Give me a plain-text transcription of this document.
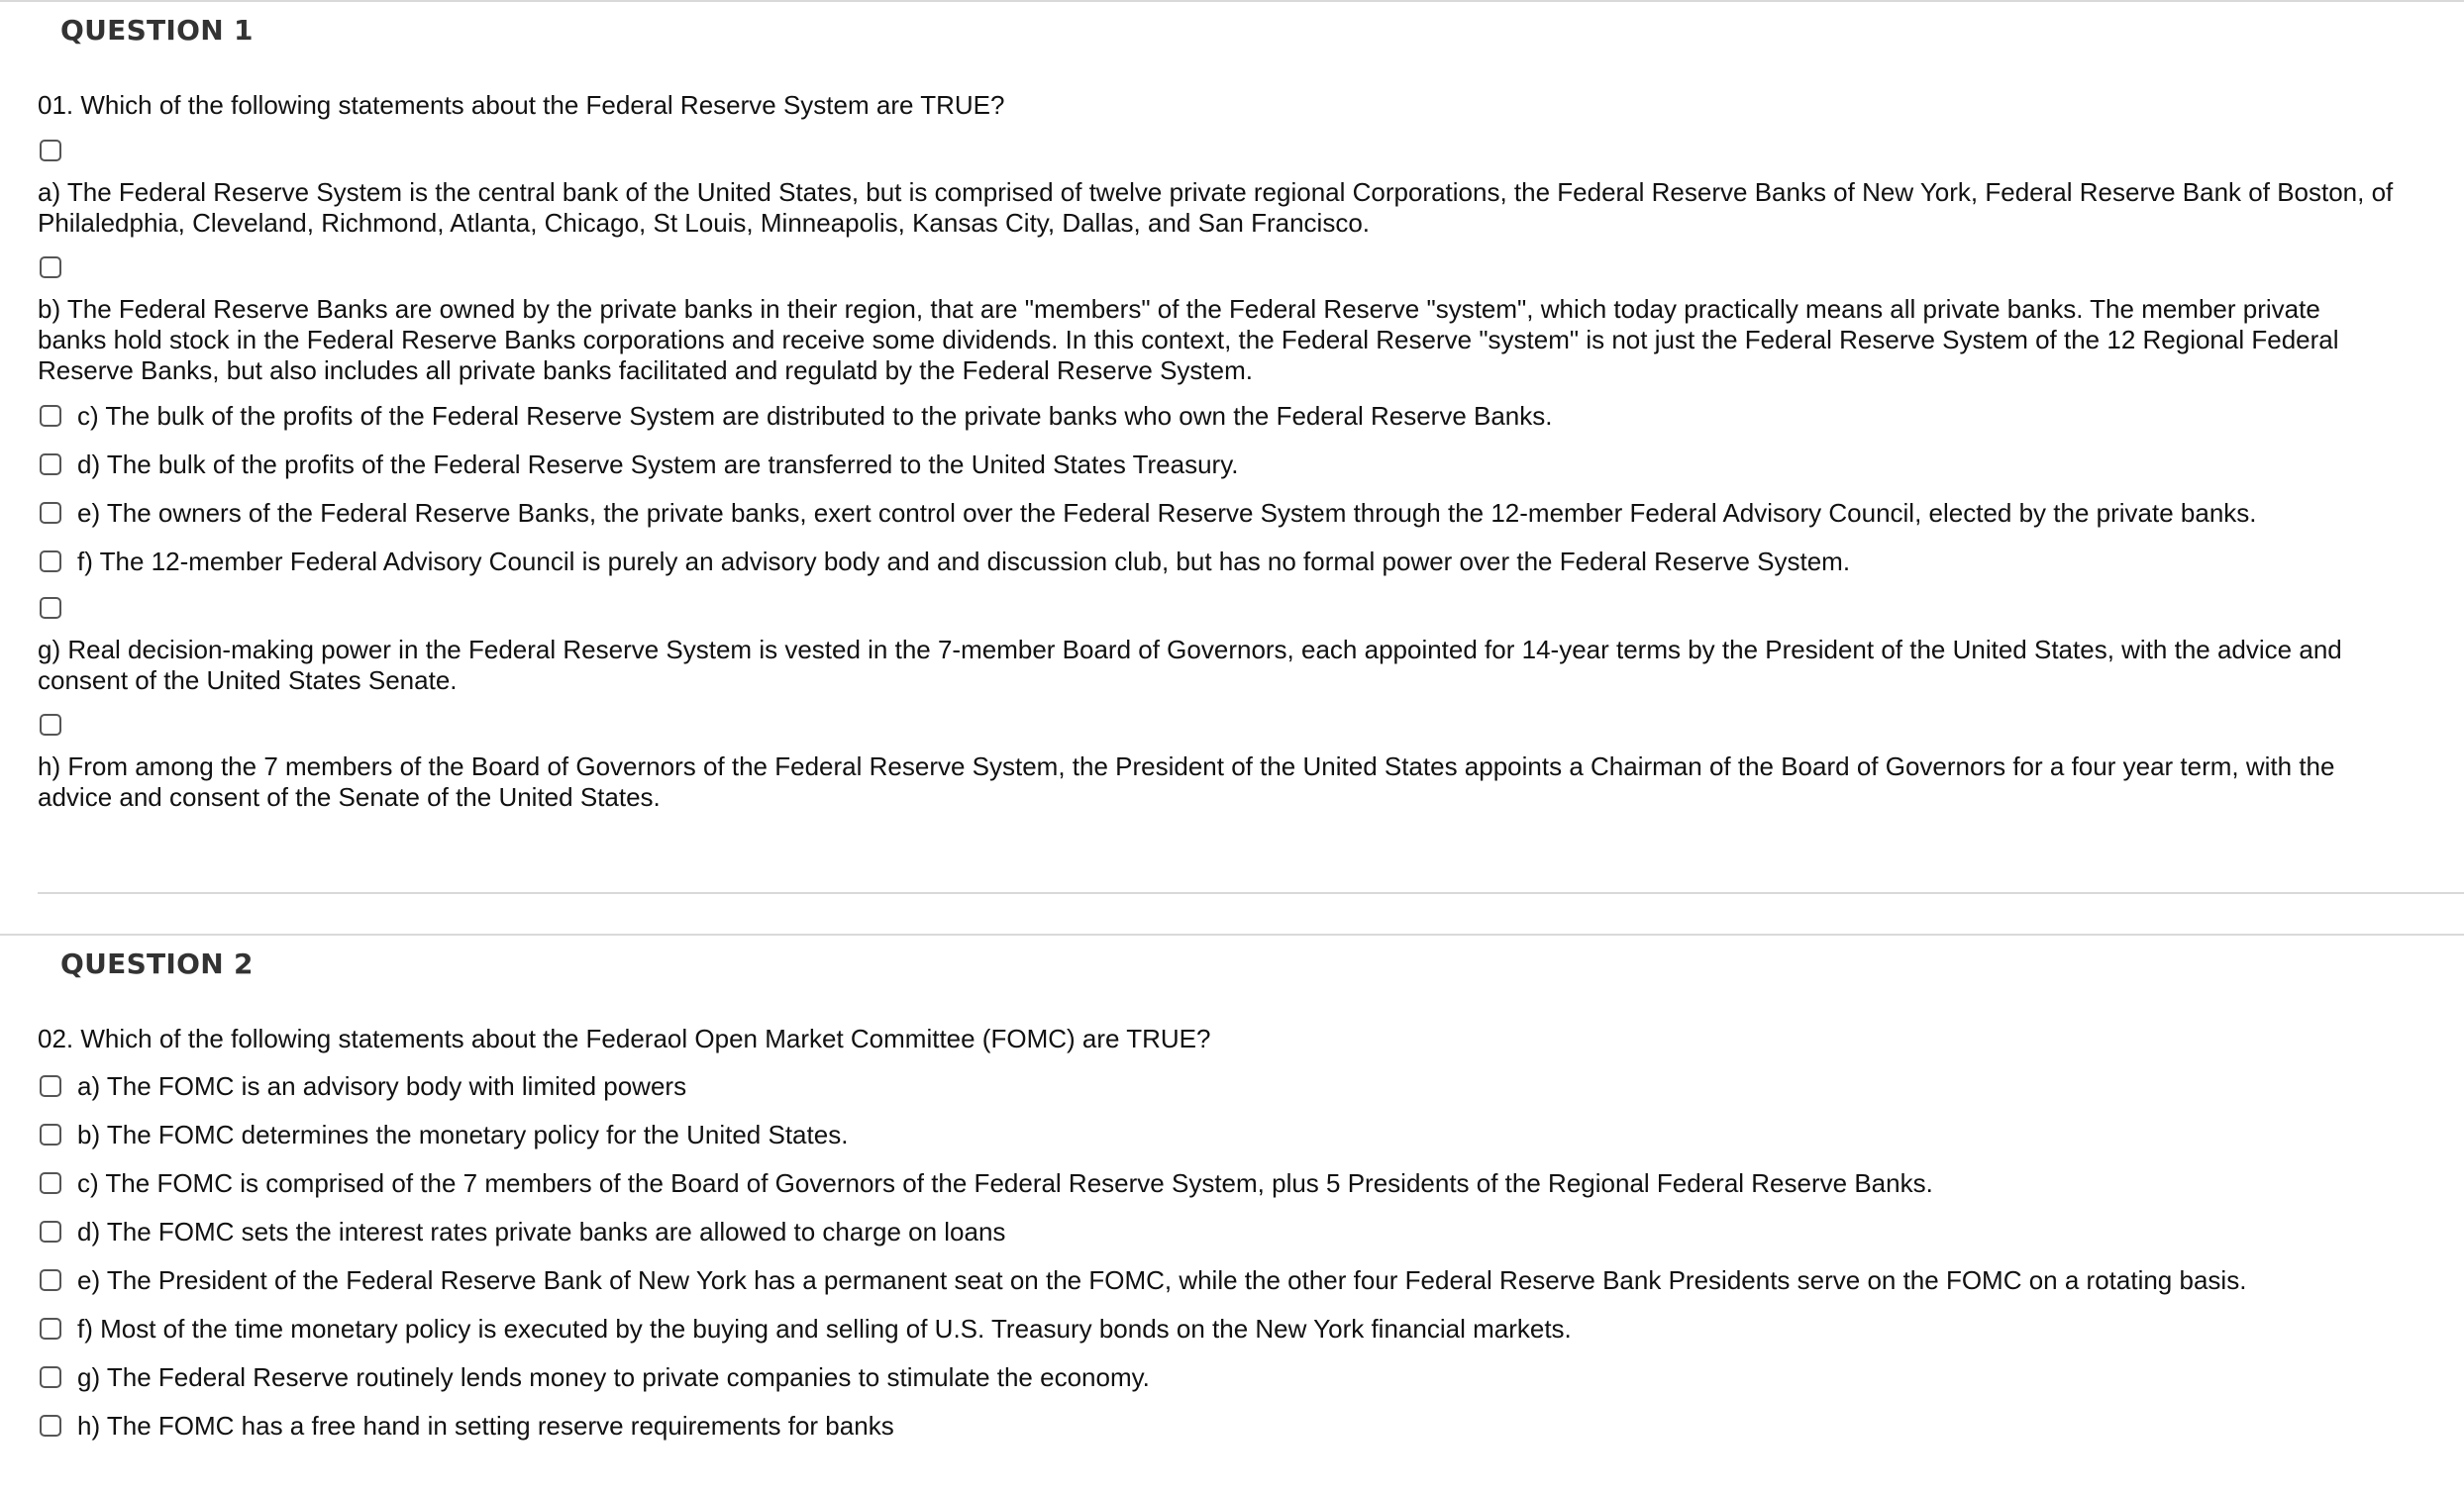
QUESTION 1
01. Which of the following statements about the Federal Reserve System are TRUE?
a) The Federal Reserve System is the central bank of the United States, but is comprised of twelve private regional Corporations, the Federal Reserve Banks of New York, Federal Reserve Bank of Boston, of Philaledphia, Cleveland, Richmond, Atlanta, Chicago, St Louis, Minneapolis, Kansas City, Dallas, and San Francisco.
b) The Federal Reserve Banks are owned by the private banks in their region, that are "members" of the Federal Reserve "system", which today practically means all private banks. The member private banks hold stock in the Federal Reserve Banks corporations and receive some dividends. In this context, the Federal Reserve "system" is not just the Federal Reserve System of the 12 Regional Federal Reserve Banks, but also includes all private banks facilitated and regulatd by the Federal Reserve System.
c) The bulk of the profits of the Federal Reserve System are distributed to the private banks who own the Federal Reserve Banks.
d) The bulk of the profits of the Federal Reserve System are transferred to the United States Treasury.
e) The owners of the Federal Reserve Banks, the private banks, exert control over the Federal Reserve System through the 12-member Federal Advisory Council, elected by the private banks.
f) The 12-member Federal Advisory Council is purely an advisory body and and discussion club, but has no formal power over the Federal Reserve System.
g) Real decision-making power in the Federal Reserve System is vested in the 7-member Board of Governors, each appointed for 14-year terms by the President of the United States, with the advice and consent of the United States Senate.
h) From among the 7 members of the Board of Governors of the Federal Reserve System, the President of the United States appoints a Chairman of the Board of Governors for a four year term, with the advice and consent of the Senate of the United States.
QUESTION 2
02. Which of the following statements about the Federaol Open Market Committee (FOMC) are TRUE?
a) The FOMC is an advisory body with limited powers
b) The FOMC determines the monetary policy for the United States.
c) The FOMC is comprised of the 7 members of the Board of Governors of the Federal Reserve System, plus 5 Presidents of the Regional Federal Reserve Banks.
d) The FOMC sets the interest rates private banks are allowed to charge on loans
e) The President of the Federal Reserve Bank of New York has a permanent seat on the FOMC, while the other four Federal Reserve Bank Presidents serve on the FOMC on a rotating basis.
f) Most of the time monetary policy is executed by the buying and selling of U.S. Treasury bonds on the New York financial markets.
g) The Federal Reserve routinely lends money to private companies to stimulate the economy.
h) The FOMC has a free hand in setting reserve requirements for banks
